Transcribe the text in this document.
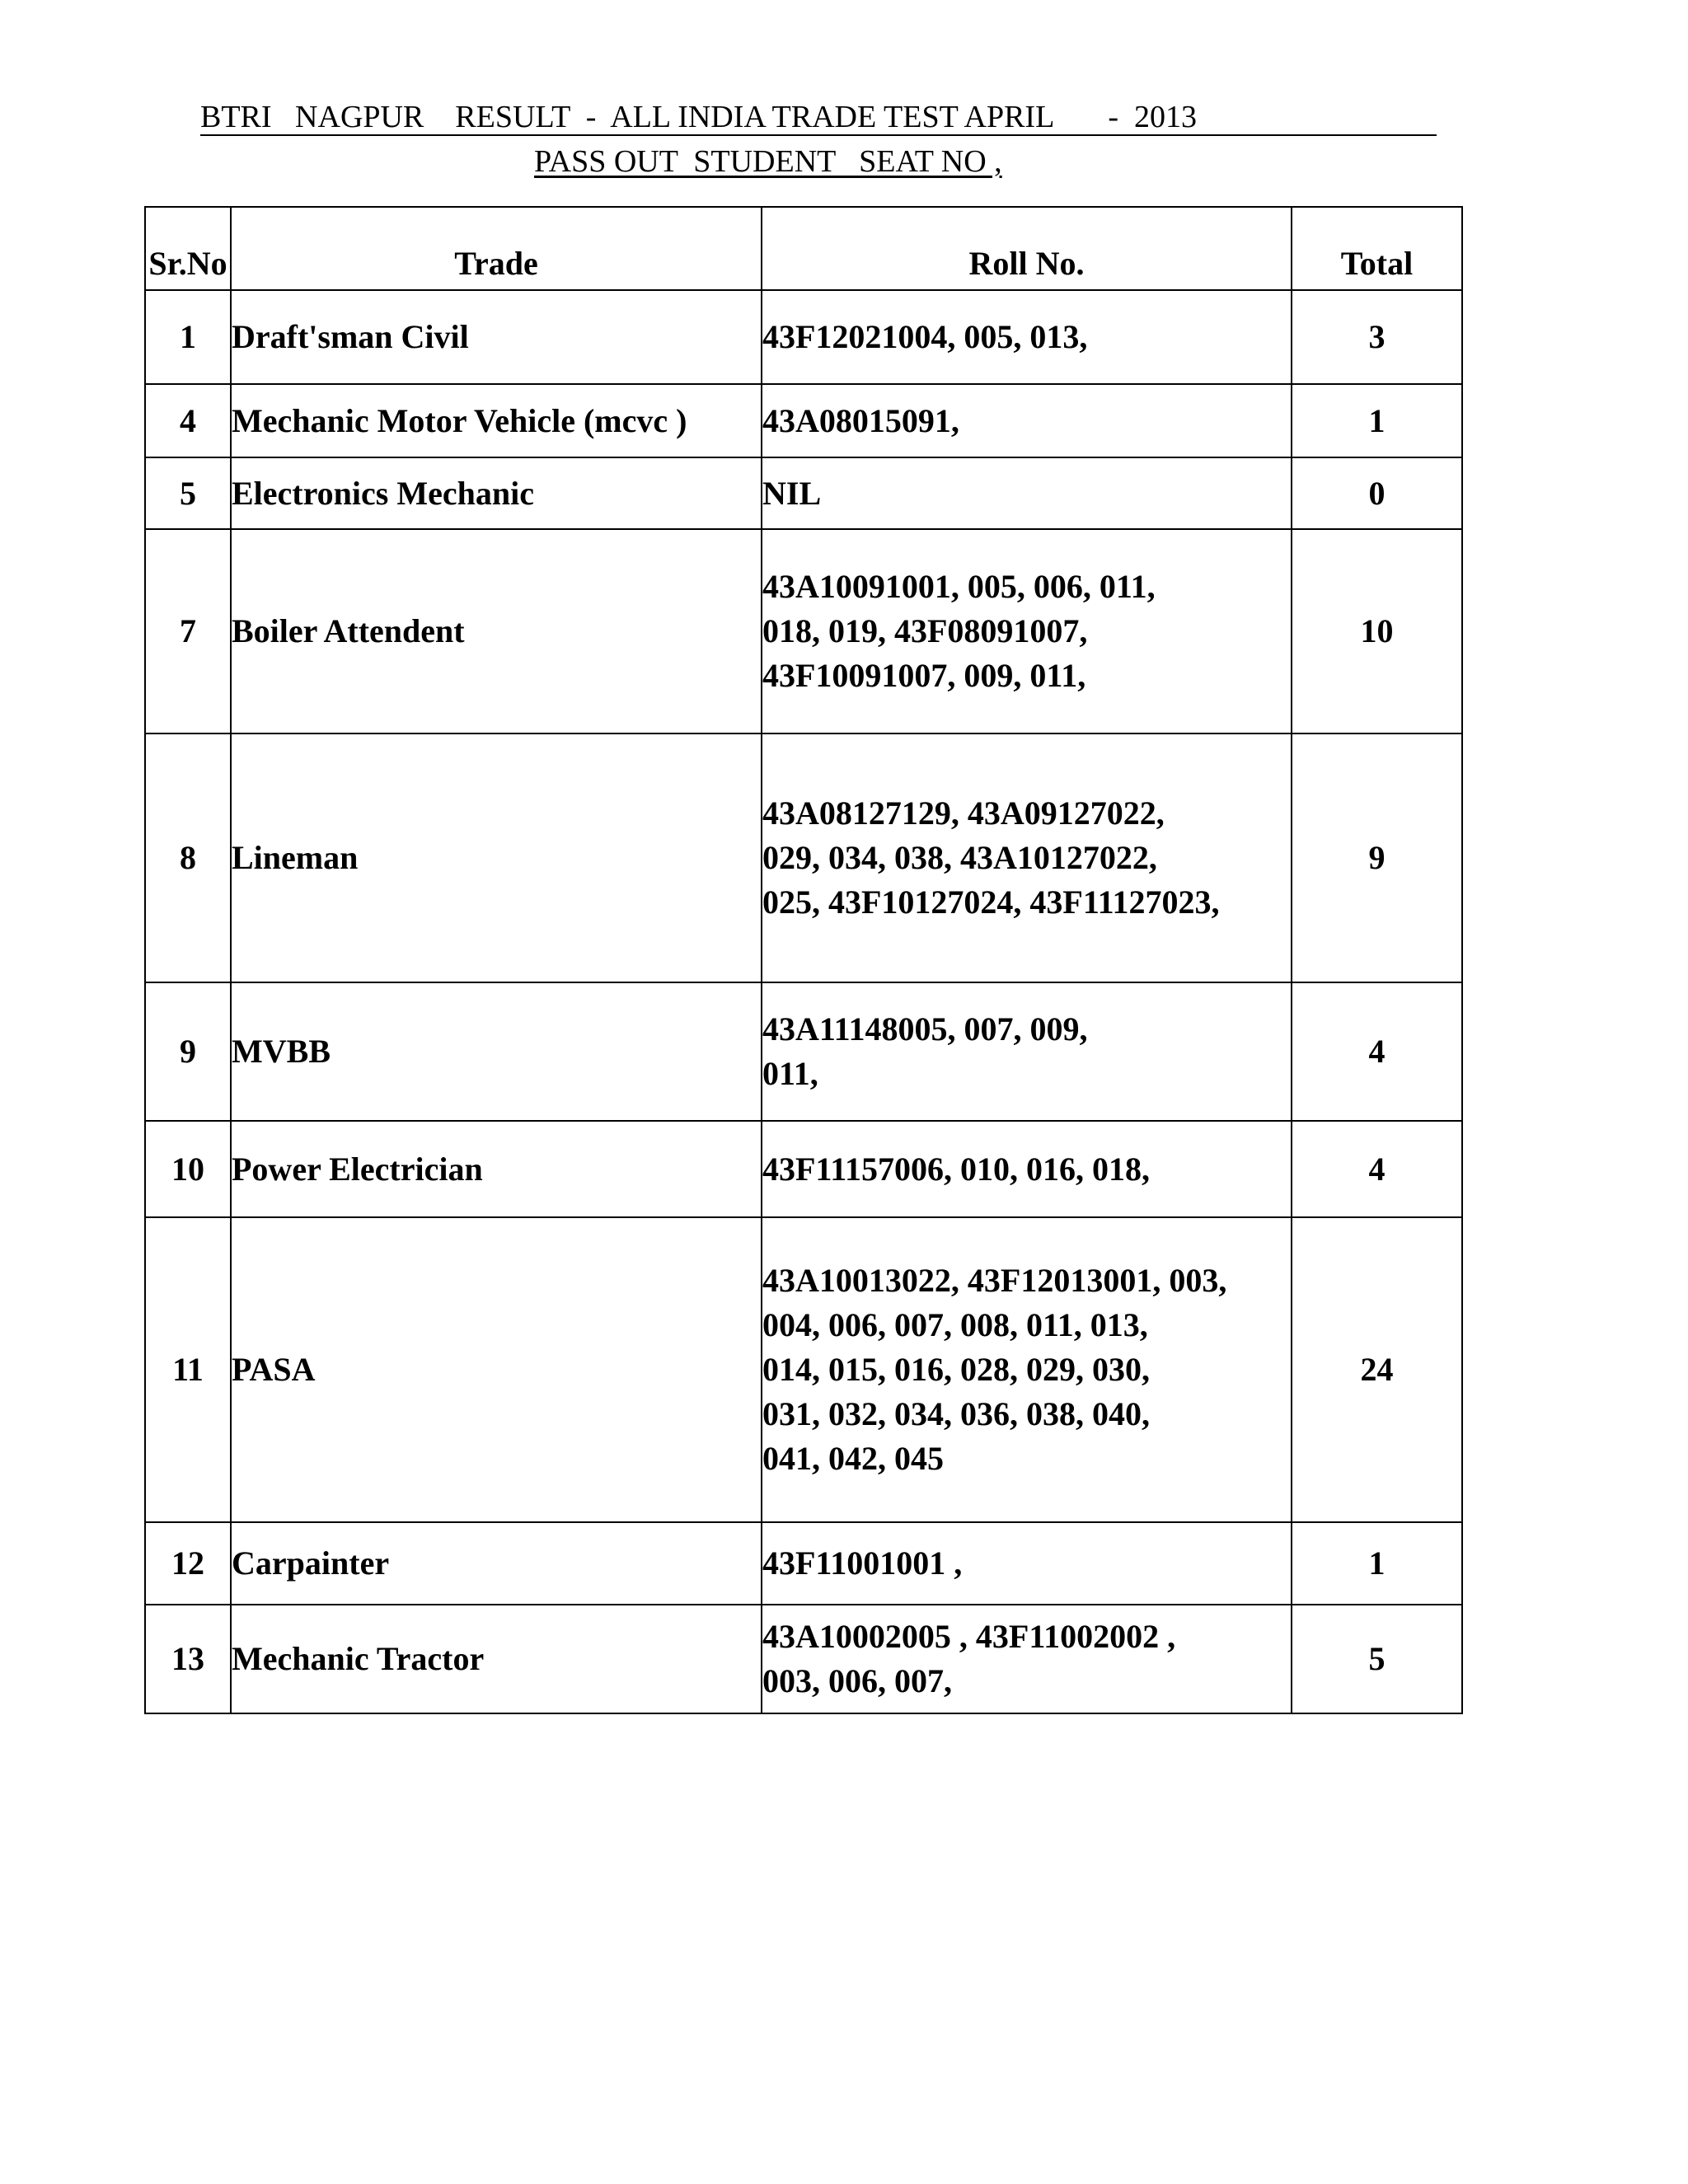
BTRI   NAGPUR    RESULT  -  ALL INDIA TRADE TEST APRIL       -  2013
PASS OUT  STUDENT   SEAT NO ,
Sr.No	Trade	Roll No.	Total
1	Draft'sman Civil	43F12021004, 005, 013,	3
4	Mechanic Motor Vehicle (mcvc )	43A08015091,	1
5	Electronics Mechanic	NIL	0
7	Boiler Attendent	43A10091001, 005, 006, 011,
018, 019, 43F08091007,
43F10091007, 009, 011,	10
8	Lineman	43A08127129, 43A09127022,
029, 034, 038, 43A10127022,
025, 43F10127024, 43F11127023,	9
9	MVBB	43A11148005, 007, 009,
011,	4
10	Power Electrician	43F11157006, 010, 016, 018,	4
11	PASA	43A10013022, 43F12013001, 003,
004, 006, 007, 008, 011, 013,
014, 015, 016, 028, 029, 030,
031, 032, 034, 036, 038, 040,
041, 042, 045	24
12	Carpainter	43F11001001 ,	1
13	Mechanic Tractor	43A10002005 , 43F11002002 ,
003, 006, 007,	5
